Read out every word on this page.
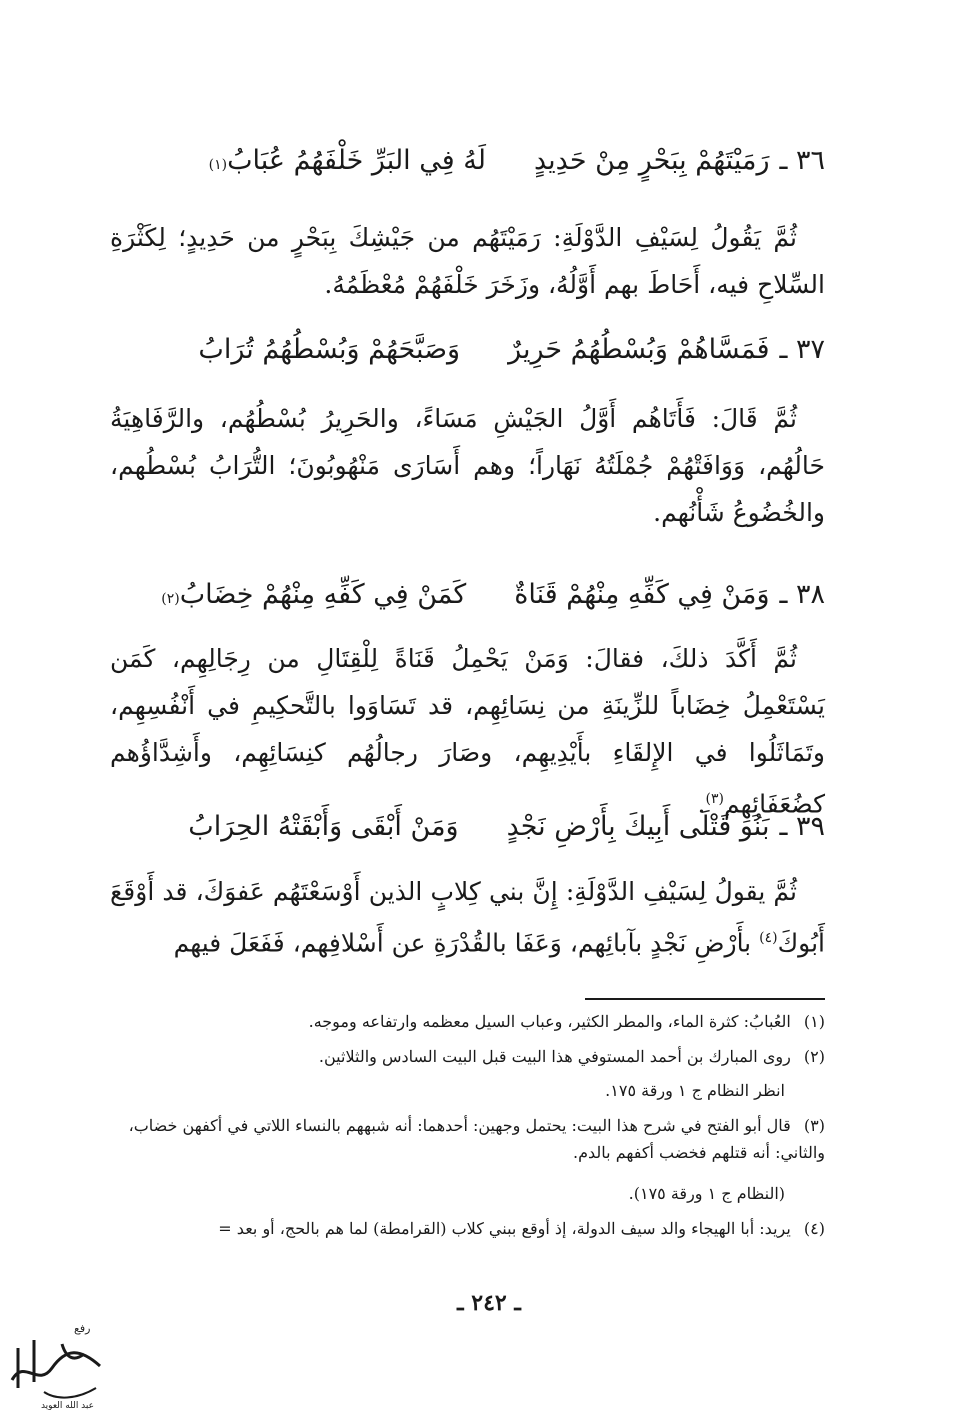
٣٦ ـ
رَمَيْتَهُمْ بِبَحْرٍ مِنْ حَدِيدٍ
لَهُ فِي البَرِّ خَلْفَهُمُ عُبَابُ
(١)
ثُمَّ يَقُولُ لِسَيْفِ الدَّوْلَةِ: رَمَيْتَهُم من جَيْشِكَ بِبَحْرٍ من حَدِيدٍ؛ لِكَثْرَةِ السِّلاحِ فيه، أَحَاطَ بهم أَوَّلُهُ، وزَخَرَ خَلْفَهُمْ مُعْظَمُهُ.
٣٧ ـ
فَمَسَّاهُمْ وَبُسْطُهُمُ حَرِيرٌ
وَصَبَّحَهُمْ وَبُسْطُهُمُ تُرَابُ
ثُمَّ قَالَ: فَأَتَاهُم أَوَّلُ الجَيْشِ مَسَاءً، والحَرِيرُ بُسْطُهُم، والرَّفَاهِيَةُ حَالُهُم، وَوَافَتْهُمْ جُمْلَتُهُ نَهَاراً؛ وهم أَسَارَى مَنْهُوبُونَ؛ التُّرَابُ بُسْطُهم، والخُضُوعُ شَأْنُهم.
٣٨ ـ
وَمَنْ فِي كَفِّهِ مِنْهُمْ قَنَاةٌ
كَمَنْ فِي كَفِّهِ مِنْهُمْ خِضَابُ
(٢)
ثُمَّ أَكَّدَ ذلكَ، فقالَ: وَمَنْ يَحْمِلُ قَنَاةً لِلْقِتَالِ من رِجَالِهِم، كَمَن يَسْتَعْمِلُ خِضَاباً للزِّينَةِ من نِسَائِهِم، قد تَسَاوَوا بالتَّحكِيمِ في أَنْفُسِهِم، وتَمَاثَلُوا في الإِلقَاءِ بأَيْدِيهِم، وصَارَ رجالُهُم كنِسَائِهِم، وأَشِدَّاؤُهم كضُعَفَائِهِم$^{(٣)}$.
٣٩ ـ
بَنُو قَتْلَى أَبِيكَ بِأَرْضِ نَجْدٍ
وَمَنْ أَبْقَى وَأَبْقَتْهُ الحِرَابُ
ثُمَّ يقولُ لِسَيْفِ الدَّوْلَةِ: إِنَّ بني كِلابٍ الذين أَوْسَعْتَهُم عَفوَكَ، قد أَوْقَعَ أَبُوكَ$^{(٤)}$ بأَرْضِ نَجْدٍ بآبائِهم، وَعَفَا بالقُدْرَةِ عن أَسْلافِهم، فَفَعَلَ فيهم
(١) العُبابُ: كثرة الماء، والمطر الكثير، وعباب السيل معظمه وارتفاعه وموجه.
(٢) روى المبارك بن أحمد المستوفي هذا البيت قبل البيت السادس والثلاثين.
انظر النظام ج ١ ورقة ١٧٥.
(٣) قال أبو الفتح في شرح هذا البيت: يحتمل وجهين: أحدهما: أنه شبههم بالنساء اللاتي في أكفهن خضاب، والثاني: أنه قتلهم فخضب أكفهم بالدم.
(النظام ج ١ ورقة ١٧٥).
(٤) يريد: أبا الهيجاء والد سيف الدولة، إذ أوقع ببني كلاب (القرامطة) لما هم بالحج، أو بعد =
ـ ٢٤٢ ـ
رفع
عبد الله العويد
